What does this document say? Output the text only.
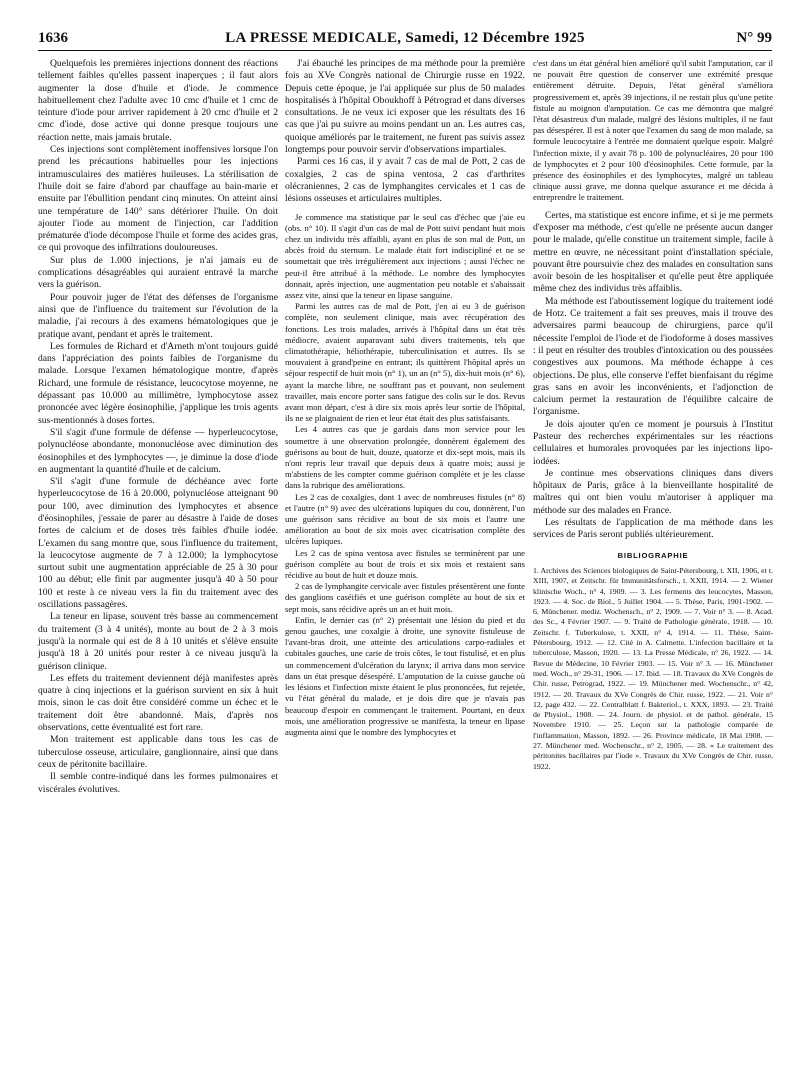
1636	LA PRESSE MEDICALE, Samedi, 12 Décembre 1925	N° 99

Quelquefois les premières injections donnent des réactions tellement faibles qu'elles passent inaperçues ; il faut alors augmenter la dose d'huile et d'iode. Je commence habituellement chez l'adulte avec 10 cmc d'huile et 1 cmc de teinture d'iode pour arriver rapidement à 20 cmc d'huile et 2 cmc d'iode, dose active qui donne presque toujours une réaction nette, mais jamais brutale.

Ces injections sont complètement inoffensives lorsque l'on prend les précautions habituelles pour les injections intramusculaires des matières huileuses. La stérilisation de l'huile doit se faire d'abord par chauffage au bain-marie et ensuite par l'ébullition pendant cinq minutes. On atteint ainsi une température de 140° sans détériorer l'huile. On doit ajouter l'iode au moment de l'injection, car l'addition prématurée d'iode décompose l'huile et forme des acides gras, ce qui provoque des infiltrations douloureuses.

Sur plus de 1.000 injections, je n'ai jamais eu de complications désagréables qui auraient entravé la marche vers la guérison.

Pour pouvoir juger de l'état des défenses de l'organisme ainsi que de l'influence du traitement sur l'évolution de la maladie, j'ai recours à des examens hématologiques que je pratique avant, pendant et après le traitement.

Les formules de Richard et d'Arneth m'ont toujours guidé dans l'appréciation des points faibles de l'organisme du malade. Lorsque l'examen hématologique montre, d'après Richard, une formule de résistance, leucocytose moyenne, ne dépassant pas 10.000 au millimètre, lymphocytose assez prononcée avec légère éosinophilie, j'applique les trois agents sus-mentionnés à doses fortes.

S'il s'agit d'une formule de défense — hyperleucocytose, polynucléose abondante, mononucléose avec diminution des éosinophiles et des lymphocytes —, je diminue la dose d'iode en augmentant la quantité d'huile et de calcium.

S'il s'agit d'une formule de déchéance avec forte hyperleucocytose de 16 à 20.000, polynucléose atteignant 90 pour 100, avec diminution des lymphocytes et absence d'éosinophiles, j'essaie de parer au désastre à l'aide de doses fortes de calcium et de doses très faibles d'huile iodée. L'examen du sang montre que, sous l'influence du traitement, la leucocytose augmente de 7 à 12.000; la lymphocytose surtout subit une augmentation appréciable de 25 à 30 pour 100 au début; elle finit par augmenter jusqu'à 40 à 50 pour 100 et reste à ce niveau vers la fin du traitement avec des oscillations passagères.

La teneur en lipase, souvent très basse au commencement du traitement (3 à 4 unités), monte au bout de 2 à 3 mois jusqu'à la normale qui est de 8 à 10 unités et s'élève ensuite jusqu'à 18 à 20 unités pour rester à ce niveau jusqu'à la guérison clinique.

Les effets du traitement deviennent déjà manifestes après quatre à cinq injections et la guérison survient en six à huit mois, sinon le cas doit être considéré comme un échec et le traitement doit être abandonné. Mais, d'après nos observations, cette éventualité est fort rare.

Mon traitement est applicable dans tous les cas de tuberculose osseuse, articulaire, ganglionnaire, ainsi que dans ceux de péritonite bacillaire.

Il semble contre-indiqué dans les formes pulmonaires et viscérales évolutives.

J'ai ébauché les principes de ma méthode pour la première fois au XVe Congrès national de Chirurgie russe en 1922. Depuis cette époque, je l'ai appliquée sur plus de 50 malades hospitalisés à l'hôpital Oboukhoff à Pétrograd et dans diverses consultations. Je ne veux ici exposer que les résultats des 16 cas que j'ai pu suivre au moins pendant un an. Les autres cas, quoique améliorés par le traitement, ne furent pas suivis assez longtemps pour pouvoir servir d'observations impartiales.

Parmi ces 16 cas, il y avait 7 cas de mal de Pott, 2 cas de coxalgies, 2 cas de spina ventosa, 2 cas d'arthrites olécraniennes, 2 cas de lymphangites cervicales et 1 cas de lésions osseuses et articulaires multiples.

Je commence ma statistique par le seul cas d'échec que j'aie eu (obs. n° 10). Il s'agit d'un cas de mal de Pott suivi pendant huit mois chez un individu très affaibli, ayant en plus de son mal de Pott, un abcès froid du sternum. Le malade était fort indiscipliné et ne se soumettait que très irrégulièrement aux injections ; aussi l'échec ne peut-il être attribué à la méthode. Le nombre des lymphocytes donnait, après injection, une augmentation peu notable et s'abaissait assez vite, ainsi que la teneur en lipase sanguine.

Parmi les autres cas de mal de Pott, j'en ai eu 3 de guérison complète, non seulement clinique, mais avec récupération des fonctions. Les trois malades, arrivés à l'hôpital dans un état très médiocre, avaient auparavant subi divers traitements, tels que climatothérapie, héliothérapie, tuberculinisation et autres. Ils se mouvaient à grand'peine en entrant; ils quittèrent l'hôpital après un séjour respectif de huit mois (n° 1), un an (n° 5), dix-huit mois (n° 6), ayant la marche libre, ne souffrant pas et pouvant, non seulement travailler, mais encore porter sans fatigue des colis sur le dos. Revus avant mon départ, c'est à dire six mois après leur sortie de l'hôpital, ils ne se plaignaient de rien et leur état était des plus satisfaisants.

Les 4 autres cas que je gardais dans mon service pour les soumettre à une observation prolongée, donnèrent également des guérisons au bout de huit, douze, quatorze et dix-sept mois, mais ils n'ont repris leur travail que depuis deux à quatre mois; aussi je m'abstiens de les compter comme guérison complète et je les classe dans la rubrique des améliorations.

Les 2 cas de coxalgies, dont 1 avec de nombreuses fistules (n° 8) et l'autre (n° 9) avec des ulcérations lupiques du cou, donnèrent, l'un une guérison sans récidive au bout de six mois et l'autre une amélioration au bout de six mois avec cicatrisation complète des ulcères lupiques.

Les 2 cas de spina ventosa avec fistules se terminèrent par une guérison complète au bout de trois et six mois et restaient sans récidive au bout de huit et douze mois.

2 cas de lymphangite cervicale avec fistules présentèrent une fonte des ganglions caséifiés et une guérison complète au bout de six et sept mois, sans récidive après un an et huit mois.

Enfin, le dernier cas (n° 2) présentait une lésion du pied et du genou gauches, une coxalgie à droite, une synovite fistuleuse de l'avant-bras droit, une atteinte des articulations carpo-radiales et cubitales gauches, une carie de trois côtes, le tout fistulisé, et en plus un commencement d'ulcération du larynx; il arriva dans mon service dans un état presque désespéré. L'amputation de la cuisse gauche où les lésions et l'infection mixte étaient le plus prononcées, fut rejetée, vu l'état général du malade, et je dois dire que je n'avais pas beaucoup d'espoir en commençant le traitement. Pourtant, en deux mois, une amélioration progressive se manifesta, la teneur en lipase augmenta ainsi que le nombre des lymphocytes et

c'est dans un état général bien amélioré qu'il subit l'amputation, car il ne pouvait être question de conserver une extrémité presque entièrement détruite. Depuis, l'état général s'améliora progressivement et, après 39 injections, il ne restait plus qu'une petite fistule au moignon d'amputation. Ce cas me démontra que malgré l'état désastreux d'un malade, malgré des lésions multiples, il ne faut pas désespérer. Il est à noter que l'examen du sang de mon malade, sa formule leucocytaire à l'entrée me donnaient quelque espoir. Malgré l'infection mixte, il y avait 78 p. 100 de polynucléaires, 20 pour 100 de lymphocytes et 2 pour 100 d'éosinophiles. Cette formule, par la présence des éosinophiles et des lymphocytes, malgré un tableau clinique aussi grave, me donna quelque assurance et me décida à entreprendre le traitement.

Certes, ma statistique est encore infime, et si je me permets d'exposer ma méthode, c'est qu'elle ne présente aucun danger pour le malade, qu'elle constitue un traitement simple, facile à mettre en œuvre, ne nécessitant point d'installation spéciale, pouvant être poursuivie chez des malades en consultation sans avoir besoin de les hospitaliser et qu'elle peut être appliquée même chez des individus très affaiblis.

Ma méthode est l'aboutissement logique du traitement iodé de Hotz. Ce traitement a fait ses preuves, mais il trouve des adversaires parmi beaucoup de chirurgiens, parce qu'il nécessite l'emploi de l'iode et de l'iodoforme à doses massives : il peut en résulter des troubles d'intoxication ou des poussées congestives aux poumons. Ma méthode échappe à ces objections. De plus, elle conserve l'effet bienfaisant du régime gras sans en avoir les inconvénients, et l'adjonction de calcium permet la restauration de l'équilibre calcaire de l'organisme.

Je dois ajouter qu'en ce moment je poursuis à l'Institut Pasteur des recherches expérimentales sur les réactions cellulaires et humorales provoquées par les injections lipo-iodées.

Je continue mes observations cliniques dans divers hôpitaux de Paris, grâce à la bienveillante hospitalité de maîtres qui ont bien voulu m'autoriser à appliquer ma méthode sur des malades en France.

Les résultats de l'application de ma méthode dans les services de Paris seront publiés ultérieurement.

BIBLIOGRAPHIE
1. Archives des Sciences biologiques de Saint-Pétersbourg, t. XII, 1906, et t. XIII, 1907, et Zeitschr. für Immunitätsforsch., t. XXII, 1914. — 2. Wiener klinische Woch., n° 4, 1909. — 3. Les ferments des leucocytes, Masson, 1923. — 4. Soc. de Biol., 5 Juillet 1904. — 5. Thèse, Paris, 1901-1902. — 6. Münchener. mediz. Wochensch., n° 2, 1909. — 7. Voir n° 3. — 8. Acad. des Sc., 4 Février 1907. — 9. Traité de Pathologie générale, 1918. — 10. Zeitschr. f. Tuberkulose, t. XXII, n° 4, 1914. — 11. Thèse, Saint-Pétersbourg, 1912. — 12. Cité in A. Calmette. L'infection bacillaire et la tuberculose, Masson, 1920. — 13. La Presse Médicale, n° 26, 1922. — 14. Revue de Médecine, 10 Février 1903. — 15. Voir n° 3. — 16. Münchener med. Woch., n° 29-31, 1906. — 17. Ibid. — 18. Travaux du XVe Congrès de Chir. russe, Petrograd, 1922. — 19. Münchener med. Wochenschr., n° 42, 1912. — 20. Travaux du XVe Congrès de Chir. russe, 1922. — 21. Voir n° 12, page 432. — 22. Centralblatt f. Bakteriol., t. XXX, 1893. — 23. Traité de Physiol., 1908. — 24. Journ. de physiol. et de pathol. générale, 15 Novembre 1910. — 25. Leçon sur la pathologie comparée de l'inflammation, Masson, 1892. — 26. Province médicale, 18 Mai 1908. — 27. Münchener med. Wochenschr., n° 2, 1905. — 28. « Le traitement des péritonites bacillaires par l'iode ». Travaux du XVe Congrès de Chir. russe, 1922.
